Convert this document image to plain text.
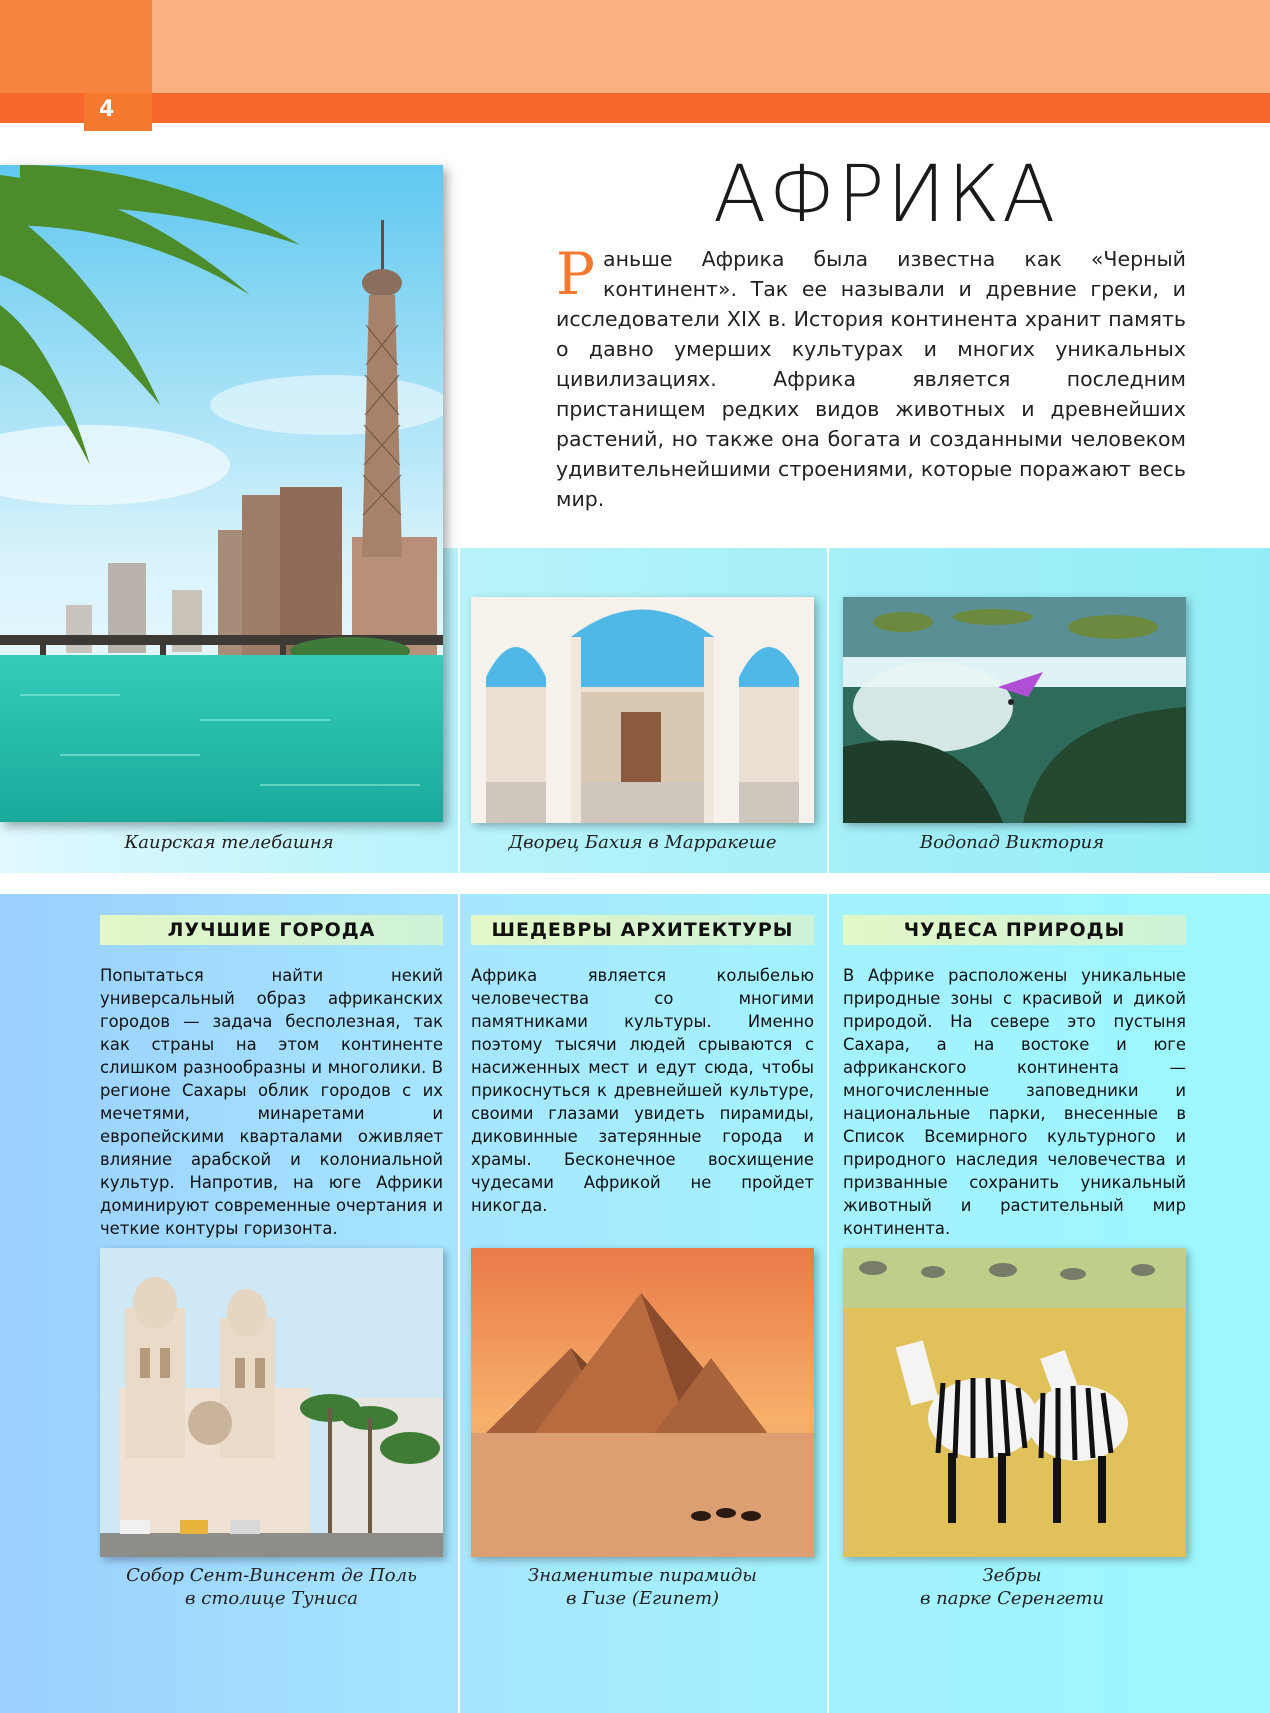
4
АФРИКА
Р аньше Африка была известна как «Черный континент». Так ее называли и древние греки, и исследователи XIX в. История континента хранит память о давно умерших культурах и многих уникальных цивилизациях. Африка является последним пристанищем редких видов животных и древнейших растений, но также она богата и созданными человеком удивительнейшими строениями, которые поражают весь мир.
Каирская телебашня	Дворец Бахия в Марракеше	Водопад Виктория
ЛУЧШИЕ ГОРОДА	ШЕДЕВРЫ АРХИТЕКТУРЫ	ЧУДЕСА ПРИРОДЫ
Попытаться найти некий универсальный образ африканских городов — задача бесполезная, так как страны на этом континенте слишком разнообразны и многолики. В регионе Сахары облик городов с их мечетями, минаретами и европейскими кварталами оживляет влияние арабской и колониальной культур. Напротив, на юге Африки доминируют современные очертания и четкие контуры горизонта.
Африка является колыбелью человечества со многими памятниками культуры. Именно поэтому тысячи людей срываются с насиженных мест и едут сюда, чтобы прикоснуться к древнейшей культуре, своими глазами увидеть пирамиды, диковинные затерянные города и храмы. Бесконечное восхищение чудесами Африкой не пройдет никогда.
В Африке расположены уникальные природные зоны с красивой и дикой природой. На севере это пустыня Сахара, а на востоке и юге африканского континента — многочисленные заповедники и национальные парки, внесенные в Список Всемирного культурного и природного наследия человечества и призванные сохранить уникальный животный и растительный мир континента.
Собор Сент-Винсент де Поль
в столице Туниса
Знаменитые пирамиды
в Гизе (Египет)
Зебры
в парке Серенгети
